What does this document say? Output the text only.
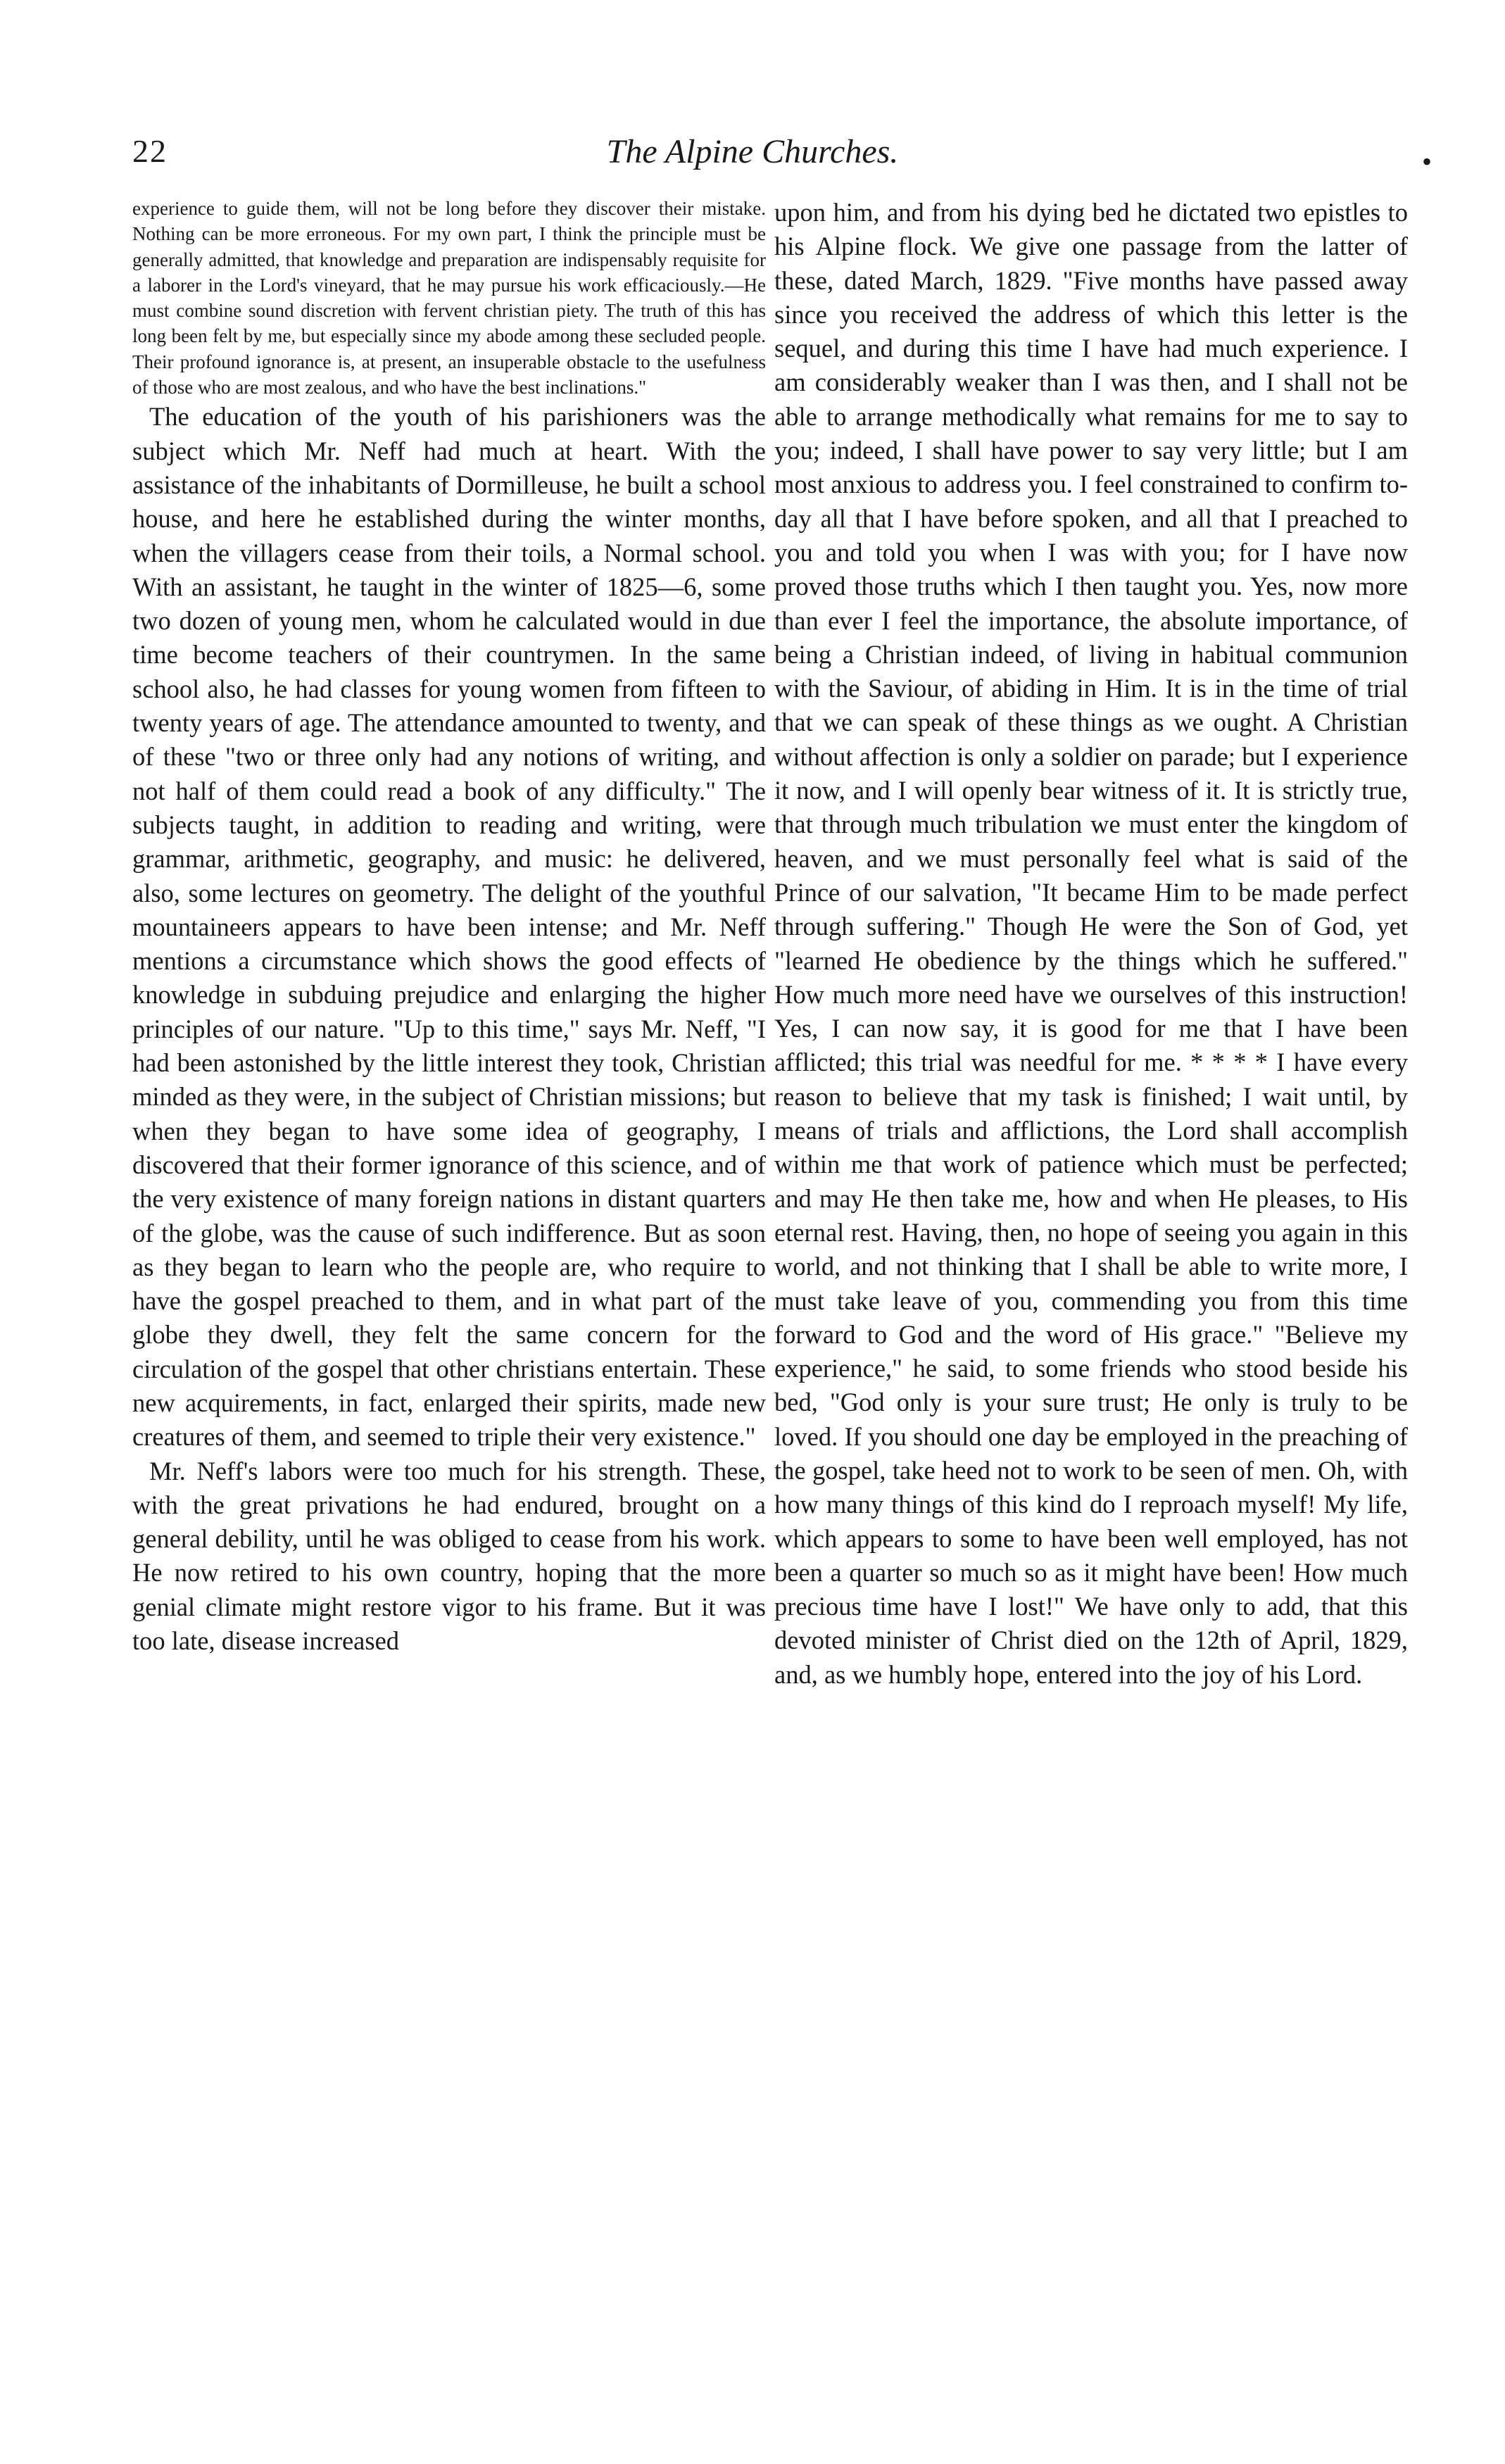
22	The Alpine Churches.	•

experience to guide them, will not be long before they discover their mistake. Nothing can be more erroneous. For my own part, I think the principle must be generally admitted, that knowledge and preparation are indispensably requisite for a laborer in the Lord's vineyard, that he may pursue his work efficaciously.—He must combine sound discretion with fervent christian piety. The truth of this has long been felt by me, but especially since my abode among these secluded people. Their profound ignorance is, at present, an insuperable obstacle to the usefulness of those who are most zealous, and who have the best inclinations."

The education of the youth of his parishioners was the subject which Mr. Neff had much at heart. With the assistance of the inhabitants of Dormilleuse, he built a school house, and here he established during the winter months, when the villagers cease from their toils, a Normal school. With an assistant, he taught in the winter of 1825—6, some two dozen of young men, whom he calculated would in due time become teachers of their countrymen. In the same school also, he had classes for young women from fifteen to twenty years of age. The attendance amounted to twenty, and of these "two or three only had any notions of writing, and not half of them could read a book of any difficulty." The subjects taught, in addition to reading and writing, were grammar, arithmetic, geography, and music: he delivered, also, some lectures on geometry. The delight of the youthful mountaineers appears to have been intense; and Mr. Neff mentions a circumstance which shows the good effects of knowledge in subduing prejudice and enlarging the higher principles of our nature. "Up to this time," says Mr. Neff, "I had been astonished by the little interest they took, Christian minded as they were, in the subject of Christian missions; but when they began to have some idea of geography, I discovered that their former ignorance of this science, and of the very existence of many foreign nations in distant quarters of the globe, was the cause of such indifference. But as soon as they began to learn who the people are, who require to have the gospel preached to them, and in what part of the globe they dwell, they felt the same concern for the circulation of the gospel that other christians entertain. These new acquirements, in fact, enlarged their spirits, made new creatures of them, and seemed to triple their very existence."

Mr. Neff's labors were too much for his strength. These, with the great privations he had endured, brought on a general debility, until he was obliged to cease from his work. He now retired to his own country, hoping that the more genial climate might restore vigor to his frame. But it was too late, disease increased

upon him, and from his dying bed he dictated two epistles to his Alpine flock. We give one passage from the latter of these, dated March, 1829. "Five months have passed away since you received the address of which this letter is the sequel, and during this time I have had much experience. I am considerably weaker than I was then, and I shall not be able to arrange methodically what remains for me to say to you; indeed, I shall have power to say very little; but I am most anxious to address you. I feel constrained to confirm to-day all that I have before spoken, and all that I preached to you and told you when I was with you; for I have now proved those truths which I then taught you. Yes, now more than ever I feel the importance, the absolute importance, of being a Christian indeed, of living in habitual communion with the Saviour, of abiding in Him. It is in the time of trial that we can speak of these things as we ought. A Christian without affection is only a soldier on parade; but I experience it now, and I will openly bear witness of it. It is strictly true, that through much tribulation we must enter the kingdom of heaven, and we must personally feel what is said of the Prince of our salvation, "It became Him to be made perfect through suffering." Though He were the Son of God, yet "learned He obedience by the things which he suffered." How much more need have we ourselves of this instruction! Yes, I can now say, it is good for me that I have been afflicted; this trial was needful for me. * * * * I have every reason to believe that my task is finished; I wait until, by means of trials and afflictions, the Lord shall accomplish within me that work of patience which must be perfected; and may He then take me, how and when He pleases, to His eternal rest. Having, then, no hope of seeing you again in this world, and not thinking that I shall be able to write more, I must take leave of you, commending you from this time forward to God and the word of His grace." "Believe my experience," he said, to some friends who stood beside his bed, "God only is your sure trust; He only is truly to be loved. If you should one day be employed in the preaching of the gospel, take heed not to work to be seen of men. Oh, with how many things of this kind do I reproach myself! My life, which appears to some to have been well employed, has not been a quarter so much so as it might have been! How much precious time have I lost!" We have only to add, that this devoted minister of Christ died on the 12th of April, 1829, and, as we humbly hope, entered into the joy of his Lord.
